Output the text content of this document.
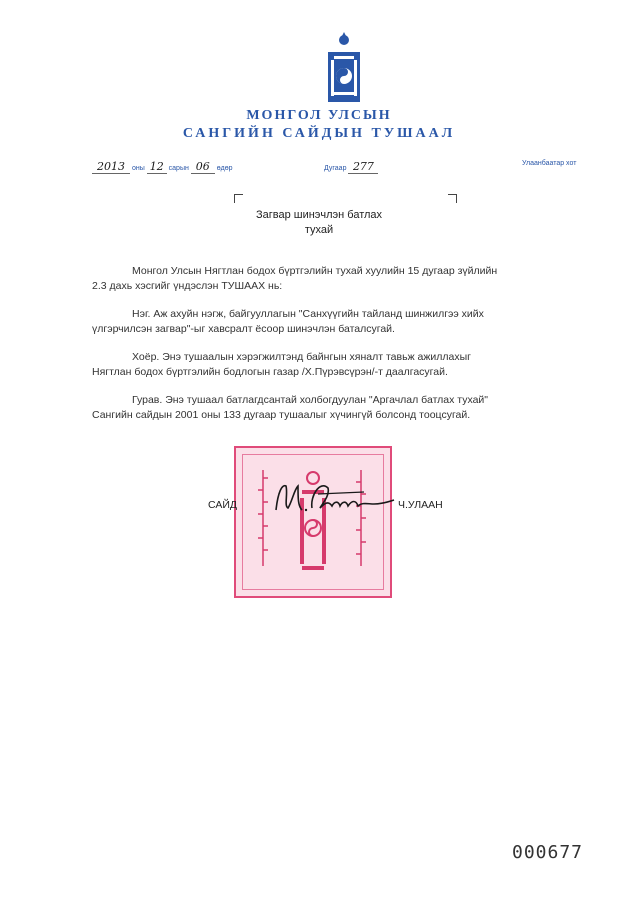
МОНГОЛ УЛСЫН
САНГИЙН САЙДЫН ТУШААЛ
2013 оны 12 сарын 06 өдөр	Дугаар 277	Улаанбаатар хот
Загвар шинэчлэн батлах
тухай
Монгол Улсын Нягтлан бодох бүртгэлийн тухай хуулийн 15 дугаар зүйлийн
2.3 дахь хэсгийг үндэслэн ТУШААХ нь:
Нэг. Аж ахуйн нэгж, байгууллагын "Санхүүгийн тайланд шинжилгээ хийх
үлгэрчилсэн загвар"-ыг хавсралт ёсоор шинэчлэн баталсугай.
Хоёр. Энэ тушаалын хэрэгжилтэнд байнгын хяналт тавьж ажиллахыг
Нягтлан бодох бүртгэлийн бодлогын газар /Х.Пүрэвсүрэн/-т даалгасугай.
Гурав. Энэ тушаал батлагдсантай холбогдуулан "Аргачлал батлах тухай"
Сангийн сайдын 2001 оны 133 дугаар тушаалыг хүчингүй болсонд тооцсугай.
САЙД	Ч.УЛААН
000677
